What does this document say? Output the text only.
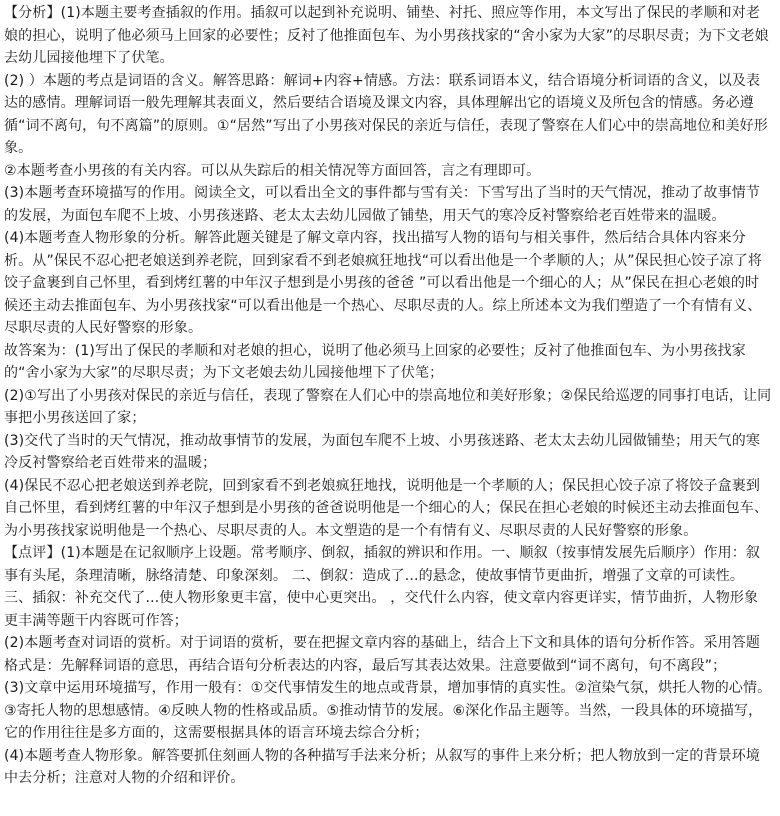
【分析】(1)本题主要考查插叙的作用。插叙可以起到补充说明、铺垫、衬托、照应等作用，本文写出了保民的孝顺和对老娘的担心，说明了他必须马上回家的必要性；反衬了他推面包车、为小男孩找家的“舍小家为大家”的尽职尽责；为下文老娘去幼儿园接他埋下了伏笔。

(2) ）本题的考点是词语的含义。解答思路：解词+内容+情感。方法：联系词语本义，结合语境分析词语的含义，以及表达的感情。理解词语一般先理解其表面义，然后要结合语境及课文内容，具体理解出它的语境义及所包含的情感。务必遵循“词不离句，句不离篇”的原则。①“居然”写出了小男孩对保民的亲近与信任，表现了警察在人们心中的崇高地位和美好形象。

②本题考查小男孩的有关内容。可以从失踪后的相关情况等方面回答，言之有理即可。

(3)本题考查环境描写的作用。阅读全文，可以看出全文的事件都与雪有关：下雪写出了当时的天气情况，推动了故事情节的发展，为面包车爬不上坡、小男孩迷路、老太太去幼儿园做了铺垫，用天气的寒冷反衬警察给老百姓带来的温暖。

(4)本题考查人物形象的分析。解答此题关键是了解文章内容，找出描写人物的语句与相关事件，然后结合具体内容来分析。从”保民不忍心把老娘送到养老院，回到家看不到老娘疯狂地找“可以看出他是一个孝顺的人；从”保民担心饺子凉了将饺子盒裹到自己怀里，看到烤红薯的中年汉子想到是小男孩的爸爸 ”可以看出他是一个细心的人；从”保民在担心老娘的时候还主动去推面包车、为小男孩找家“可以看出他是一个热心、尽职尽责的人。综上所述本文为我们塑造了一个有情有义、尽职尽责的人民好警察的形象。

故答案为：(1)写出了保民的孝顺和对老娘的担心，说明了他必须马上回家的必要性；反衬了他推面包车、为小男孩找家的“舍小家为大家”的尽职尽责；为下文老娘去幼儿园接他埋下了伏笔；

(2)①写出了小男孩对保民的亲近与信任，表现了警察在人们心中的崇高地位和美好形象；②保民给巡逻的同事打电话，让同事把小男孩送回了家；

(3)交代了当时的天气情况，推动故事情节的发展，为面包车爬不上坡、小男孩迷路、老太太去幼儿园做铺垫；用天气的寒冷反衬警察给老百姓带来的温暖；

(4)保民不忍心把老娘送到养老院，回到家看不到老娘疯狂地找，说明他是一个孝顺的人；保民担心饺子凉了将饺子盒裹到自己怀里，看到烤红薯的中年汉子想到是小男孩的爸爸说明他是一个细心的人；保民在担心老娘的时候还主动去推面包车、为小男孩找家说明他是一个热心、尽职尽责的人。本文塑造的是一个有情有义、尽职尽责的人民好警察的形象。

【点评】(1)本题是在记叙顺序上设题。常考顺序、倒叙，插叙的辨识和作用。一、顺叙（按事情发展先后顺序）作用：叙事有头尾，条理清晰，脉络清楚、印象深刻。 二、倒叙：造成了...的悬念，使故事情节更曲折，增强了文章的可读性。 三、插叙：补充交代了...使人物形象更丰富，使中心更突出。 ，交代什么内容，使文章内容更详实，情节曲折，人物形象更丰满等题干内容既可作答；

(2)本题考查对词语的赏析。对于词语的赏析，要在把握文章内容的基础上，结合上下文和具体的语句分析作答。采用答题格式是：先解释词语的意思，再结合语句分析表达的内容，最后写其表达效果。注意要做到“词不离句，句不离段”；

(3)文章中运用环境描写，作用一般有：①交代事情发生的地点或背景，增加事情的真实性。②渲染气氛，烘托人物的心情。③寄托人物的思想感情。④反映人物的性格或品质。⑤推动情节的发展。⑥深化作品主题等。当然，一段具体的环境描写，它的作用往往是多方面的，这需要根据具体的语言环境去综合分析；

(4)本题考查人物形象。解答要抓住刻画人物的各种描写手法来分析；从叙写的事件上来分析；把人物放到一定的背景环境中去分析；注意对人物的介绍和评价。
